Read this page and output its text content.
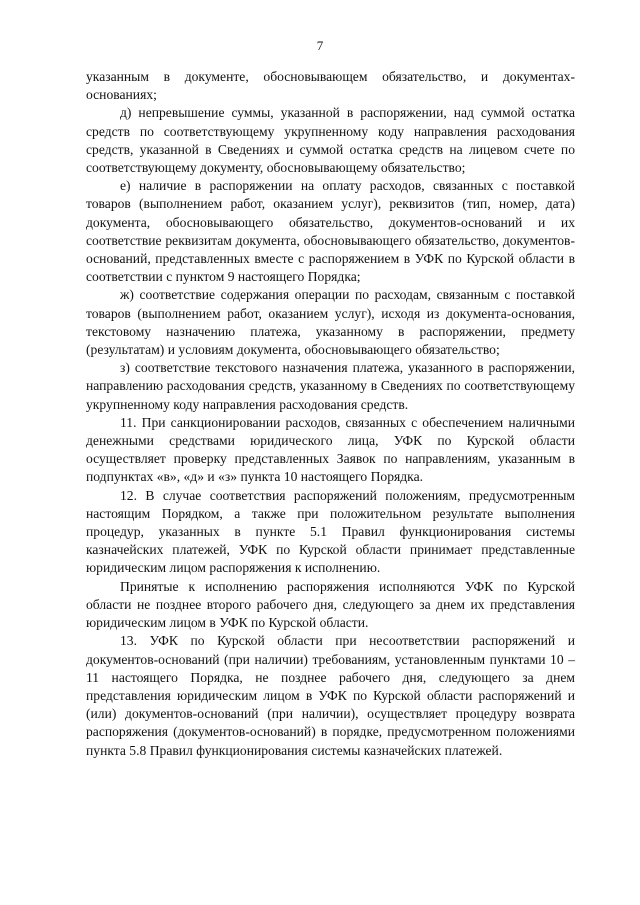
7

указанным в документе, обосновывающем обязательство, и документах-основаниях;

д) непревышение суммы, указанной в распоряжении, над суммой остатка средств по соответствующему укрупненному коду направления расходования средств, указанной в Сведениях и суммой остатка средств на лицевом счете по соответствующему документу, обосновывающему обязательство;

е) наличие в распоряжении на оплату расходов, связанных с поставкой товаров (выполнением работ, оказанием услуг), реквизитов (тип, номер, дата) документа, обосновывающего обязательство, документов-оснований и их соответствие реквизитам документа, обосновывающего обязательство, документов-оснований, представленных вместе с распоряжением в УФК по Курской области в соответствии с пунктом 9 настоящего Порядка;

ж) соответствие содержания операции по расходам, связанным с поставкой товаров (выполнением работ, оказанием услуг), исходя из документа-основания, текстовому назначению платежа, указанному в распоряжении, предмету (результатам) и условиям документа, обосновывающего обязательство;

з) соответствие текстового назначения платежа, указанного в распоряжении, направлению расходования средств, указанному в Сведениях по соответствующему укрупненному коду направления расходования средств.

11. При санкционировании расходов, связанных с обеспечением наличными денежными средствами юридического лица, УФК по Курской области осуществляет проверку представленных Заявок по направлениям, указанным в подпунктах «в», «д» и «з» пункта 10 настоящего Порядка.

12. В случае соответствия распоряжений положениям, предусмотренным настоящим Порядком, а также при положительном результате выполнения процедур, указанных в пункте 5.1 Правил функционирования системы казначейских платежей, УФК по Курской области принимает представленные юридическим лицом распоряжения к исполнению.

Принятые к исполнению распоряжения исполняются УФК по Курской области не позднее второго рабочего дня, следующего за днем их представления юридическим лицом в УФК по Курской области.

13. УФК по Курской области при несоответствии распоряжений и документов-оснований (при наличии) требованиям, установленным пунктами 10 – 11 настоящего Порядка, не позднее рабочего дня, следующего за днем представления юридическим лицом в УФК по Курской области распоряжений и (или) документов-оснований (при наличии), осуществляет процедуру возврата распоряжения (документов-оснований) в порядке, предусмотренном положениями пункта 5.8 Правил функционирования системы казначейских платежей.
